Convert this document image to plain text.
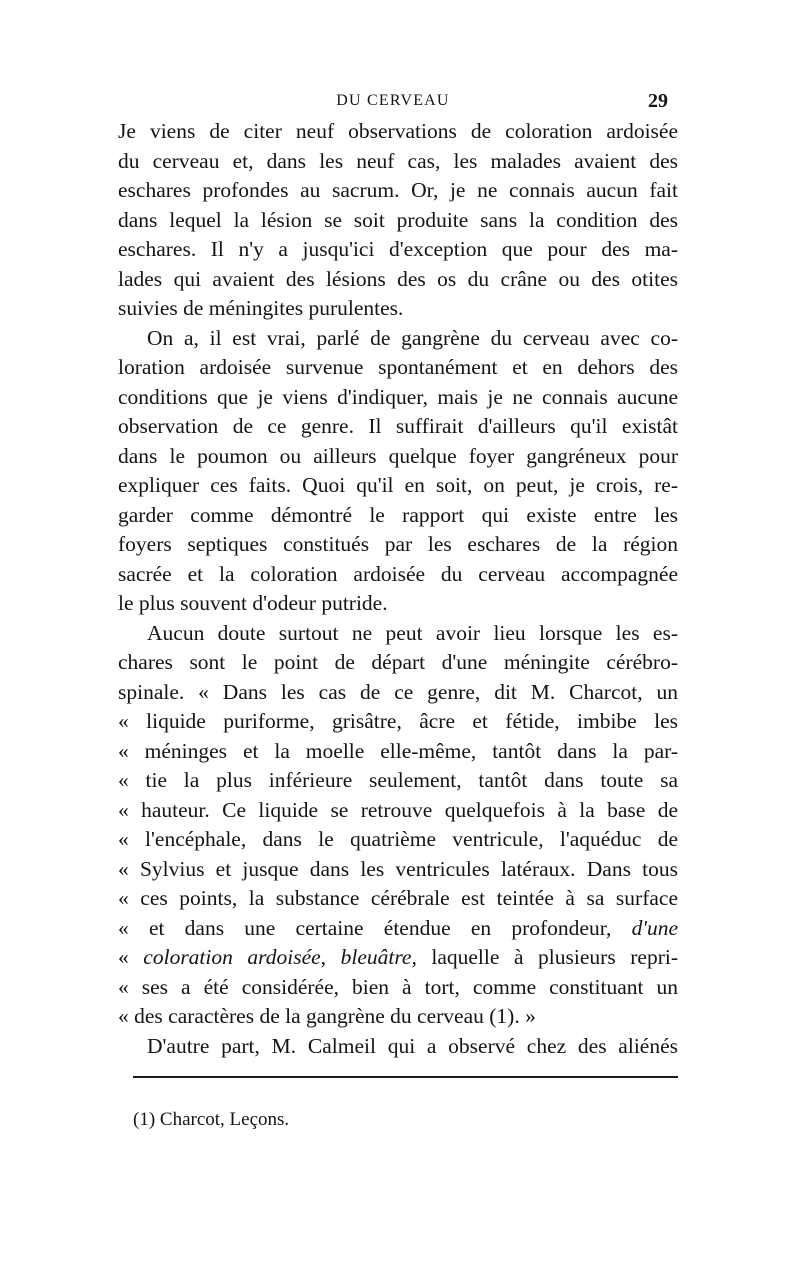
DU CERVEAU	29
Je viens de citer neuf observations de coloration ardoisée
du cerveau et, dans les neuf cas, les malades avaient des
eschares profondes au sacrum. Or, je ne connais aucun fait
dans lequel la lésion se soit produite sans la condition des
eschares. Il n'y a jusqu'ici d'exception que pour des ma-
lades qui avaient des lésions des os du crâne ou des otites
suivies de méningites purulentes.
On a, il est vrai, parlé de gangrène du cerveau avec co-
loration ardoisée survenue spontanément et en dehors des
conditions que je viens d'indiquer, mais je ne connais aucune
observation de ce genre. Il suffirait d'ailleurs qu'il existât
dans le poumon ou ailleurs quelque foyer gangréneux pour
expliquer ces faits. Quoi qu'il en soit, on peut, je crois, re-
garder comme démontré le rapport qui existe entre les
foyers septiques constitués par les eschares de la région
sacrée et la coloration ardoisée du cerveau accompagnée
le plus souvent d'odeur putride.
Aucun doute surtout ne peut avoir lieu lorsque les es-
chares sont le point de départ d'une méningite cérébro-
spinale. « Dans les cas de ce genre, dit M. Charcot, un
« liquide puriforme, grisâtre, âcre et fétide, imbibe les
« méninges et la moelle elle-même, tantôt dans la par-
« tie la plus inférieure seulement, tantôt dans toute sa
« hauteur. Ce liquide se retrouve quelquefois à la base de
« l'encéphale, dans le quatrième ventricule, l'aquéduc de
« Sylvius et jusque dans les ventricules latéraux. Dans tous
« ces points, la substance cérébrale est teintée à sa surface
« et dans une certaine étendue en profondeur, d'une
« coloration ardoisée, bleuâtre, laquelle à plusieurs repri-
« ses a été considérée, bien à tort, comme constituant un
« des caractères de la gangrène du cerveau (1). »
D'autre part, M. Calmeil qui a observé chez des aliénés
(1) Charcot, Leçons.
